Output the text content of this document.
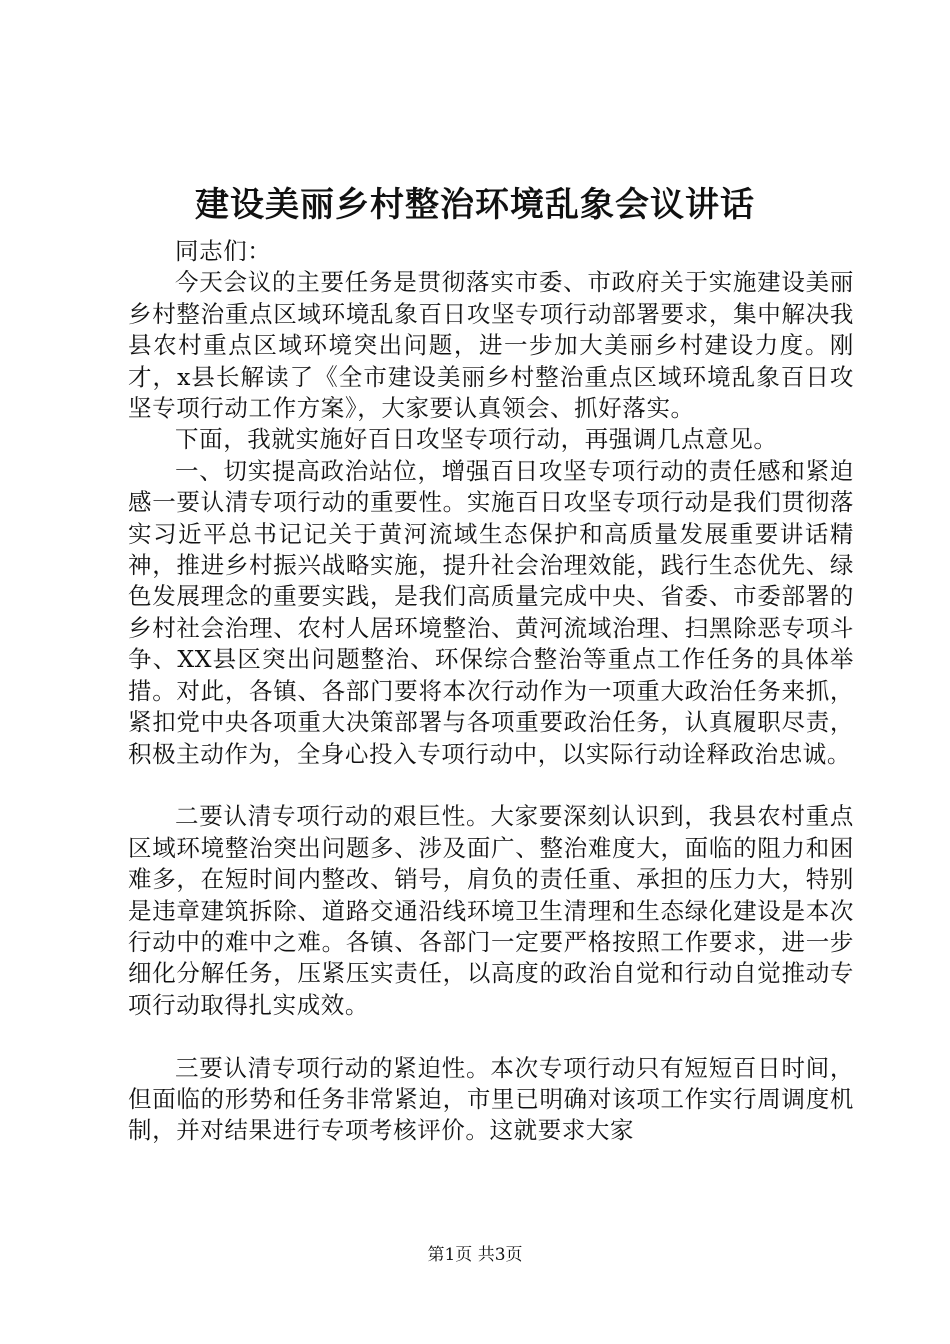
建设美丽乡村整治环境乱象会议讲话

同志们：

今天会议的主要任务是贯彻落实市委、市政府关于实施建设美丽乡村整治重点区域环境乱象百日攻坚专项行动部署要求，集中解决我县农村重点区域环境突出问题，进一步加大美丽乡村建设力度。刚才，x县长解读了《全市建设美丽乡村整治重点区域环境乱象百日攻坚专项行动工作方案》，大家要认真领会、抓好落实。

下面，我就实施好百日攻坚专项行动，再强调几点意见。

一、切实提高政治站位，增强百日攻坚专项行动的责任感和紧迫感一要认清专项行动的重要性。实施百日攻坚专项行动是我们贯彻落实习近平总书记记关于黄河流域生态保护和高质量发展重要讲话精神，推进乡村振兴战略实施，提升社会治理效能，践行生态优先、绿色发展理念的重要实践，是我们高质量完成中央、省委、市委部署的乡村社会治理、农村人居环境整治、黄河流域治理、扫黑除恶专项斗争、XX县区突出问题整治、环保综合整治等重点工作任务的具体举措。对此，各镇、各部门要将本次行动作为一项重大政治任务来抓，紧扣党中央各项重大决策部署与各项重要政治任务，认真履职尽责，积极主动作为，全身心投入专项行动中，以实际行动诠释政治忠诚。

二要认清专项行动的艰巨性。大家要深刻认识到，我县农村重点区域环境整治突出问题多、涉及面广、整治难度大，面临的阻力和困难多，在短时间内整改、销号，肩负的责任重、承担的压力大，特别是违章建筑拆除、道路交通沿线环境卫生清理和生态绿化建设是本次行动中的难中之难。各镇、各部门一定要严格按照工作要求，进一步细化分解任务，压紧压实责任，以高度的政治自觉和行动自觉推动专项行动取得扎实成效。

三要认清专项行动的紧迫性。本次专项行动只有短短百日时间，但面临的形势和任务非常紧迫，市里已明确对该项工作实行周调度机制，并对结果进行专项考核评价。这就要求大家

第1页 共3页
